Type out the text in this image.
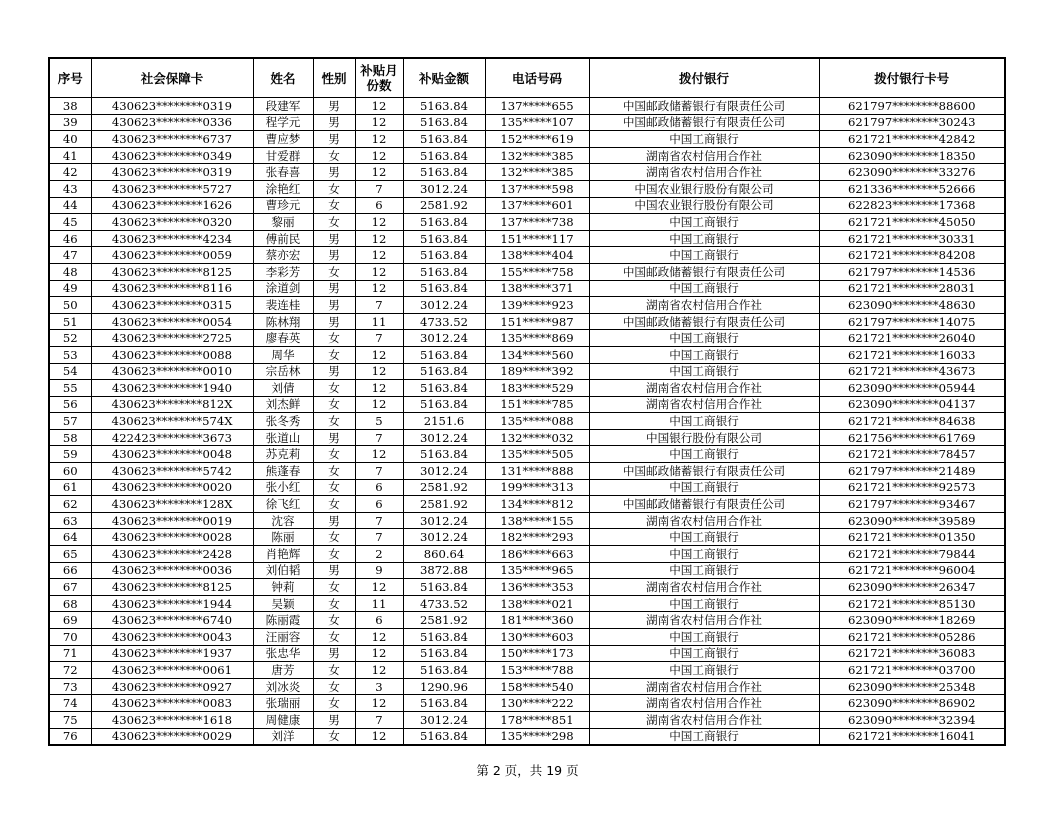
序号	社会保障卡	姓名	性别	补贴月份数	补贴金额	电话号码	拨付银行	拨付银行卡号
38	430623********0319	段建军	男	12	5163.84	137*****655	中国邮政储蓄银行有限责任公司	621797********88600
39	430623********0336	程学元	男	12	5163.84	135*****107	中国邮政储蓄银行有限责任公司	621797********30243
40	430623********6737	曹应梦	男	12	5163.84	152*****619	中国工商银行	621721********42842
41	430623********0349	甘爱群	女	12	5163.84	132*****385	湖南省农村信用合作社	623090********18350
42	430623********0319	张春喜	男	12	5163.84	132*****385	湖南省农村信用合作社	623090********33276
43	430623********5727	涂艳红	女	7	3012.24	137*****598	中国农业银行股份有限公司	621336********52666
44	430623********1626	曹珍元	女	6	2581.92	137*****601	中国农业银行股份有限公司	622823********17368
45	430623********0320	黎丽	女	12	5163.84	137*****738	中国工商银行	621721********45050
46	430623********4234	傅前民	男	12	5163.84	151*****117	中国工商银行	621721********30331
47	430623********0059	蔡亦宏	男	12	5163.84	138*****404	中国工商银行	621721********84208
48	430623********8125	李彩芳	女	12	5163.84	155*****758	中国邮政储蓄银行有限责任公司	621797********14536
49	430623********8116	涂道剑	男	12	5163.84	138*****371	中国工商银行	621721********28031
50	430623********0315	裴连桂	男	7	3012.24	139*****923	湖南省农村信用合作社	623090********48630
51	430623********0054	陈林翔	男	11	4733.52	151*****987	中国邮政储蓄银行有限责任公司	621797********14075
52	430623********2725	廖春英	女	7	3012.24	135*****869	中国工商银行	621721********26040
53	430623********0088	周华	女	12	5163.84	134*****560	中国工商银行	621721********16033
54	430623********0010	宗岳林	男	12	5163.84	189*****392	中国工商银行	621721********43673
55	430623********1940	刘倩	女	12	5163.84	183*****529	湖南省农村信用合作社	623090********05944
56	430623********812X	刘杰鲜	女	12	5163.84	151*****785	湖南省农村信用合作社	623090********04137
57	430623********574X	张冬秀	女	5	2151.6	135*****088	中国工商银行	621721********84638
58	422423********3673	张道山	男	7	3012.24	132*****032	中国银行股份有限公司	621756********61769
59	430623********0048	苏克莉	女	12	5163.84	135*****505	中国工商银行	621721********78457
60	430623********5742	熊蓬春	女	7	3012.24	131*****888	中国邮政储蓄银行有限责任公司	621797********21489
61	430623********0020	张小红	女	6	2581.92	199*****313	中国工商银行	621721********92573
62	430623********128X	徐飞红	女	6	2581.92	134*****812	中国邮政储蓄银行有限责任公司	621797********93467
63	430623********0019	沈容	男	7	3012.24	138*****155	湖南省农村信用合作社	623090********39589
64	430623********0028	陈丽	女	7	3012.24	182*****293	中国工商银行	621721********01350
65	430623********2428	肖艳辉	女	2	860.64	186*****663	中国工商银行	621721********79844
66	430623********0036	刘伯韬	男	9	3872.88	135*****965	中国工商银行	621721********96004
67	430623********8125	钟莉	女	12	5163.84	136*****353	湖南省农村信用合作社	623090********26347
68	430623********1944	吴颖	女	11	4733.52	138*****021	中国工商银行	621721********85130
69	430623********6740	陈丽霞	女	6	2581.92	181*****360	湖南省农村信用合作社	623090********18269
70	430623********0043	汪丽容	女	12	5163.84	130*****603	中国工商银行	621721********05286
71	430623********1937	张忠华	男	12	5163.84	150*****173	中国工商银行	621721********36083
72	430623********0061	唐芳	女	12	5163.84	153*****788	中国工商银行	621721********03700
73	430623********0927	刘冰炎	女	3	1290.96	158*****540	湖南省农村信用合作社	623090********25348
74	430623********0083	张瑞丽	女	12	5163.84	130*****222	湖南省农村信用合作社	623090********86902
75	430623********1618	周健康	男	7	3012.24	178*****851	湖南省农村信用合作社	623090********32394
76	430623********0029	刘洋	女	12	5163.84	135*****298	中国工商银行	621721********16041
第 2 页，共 19 页
